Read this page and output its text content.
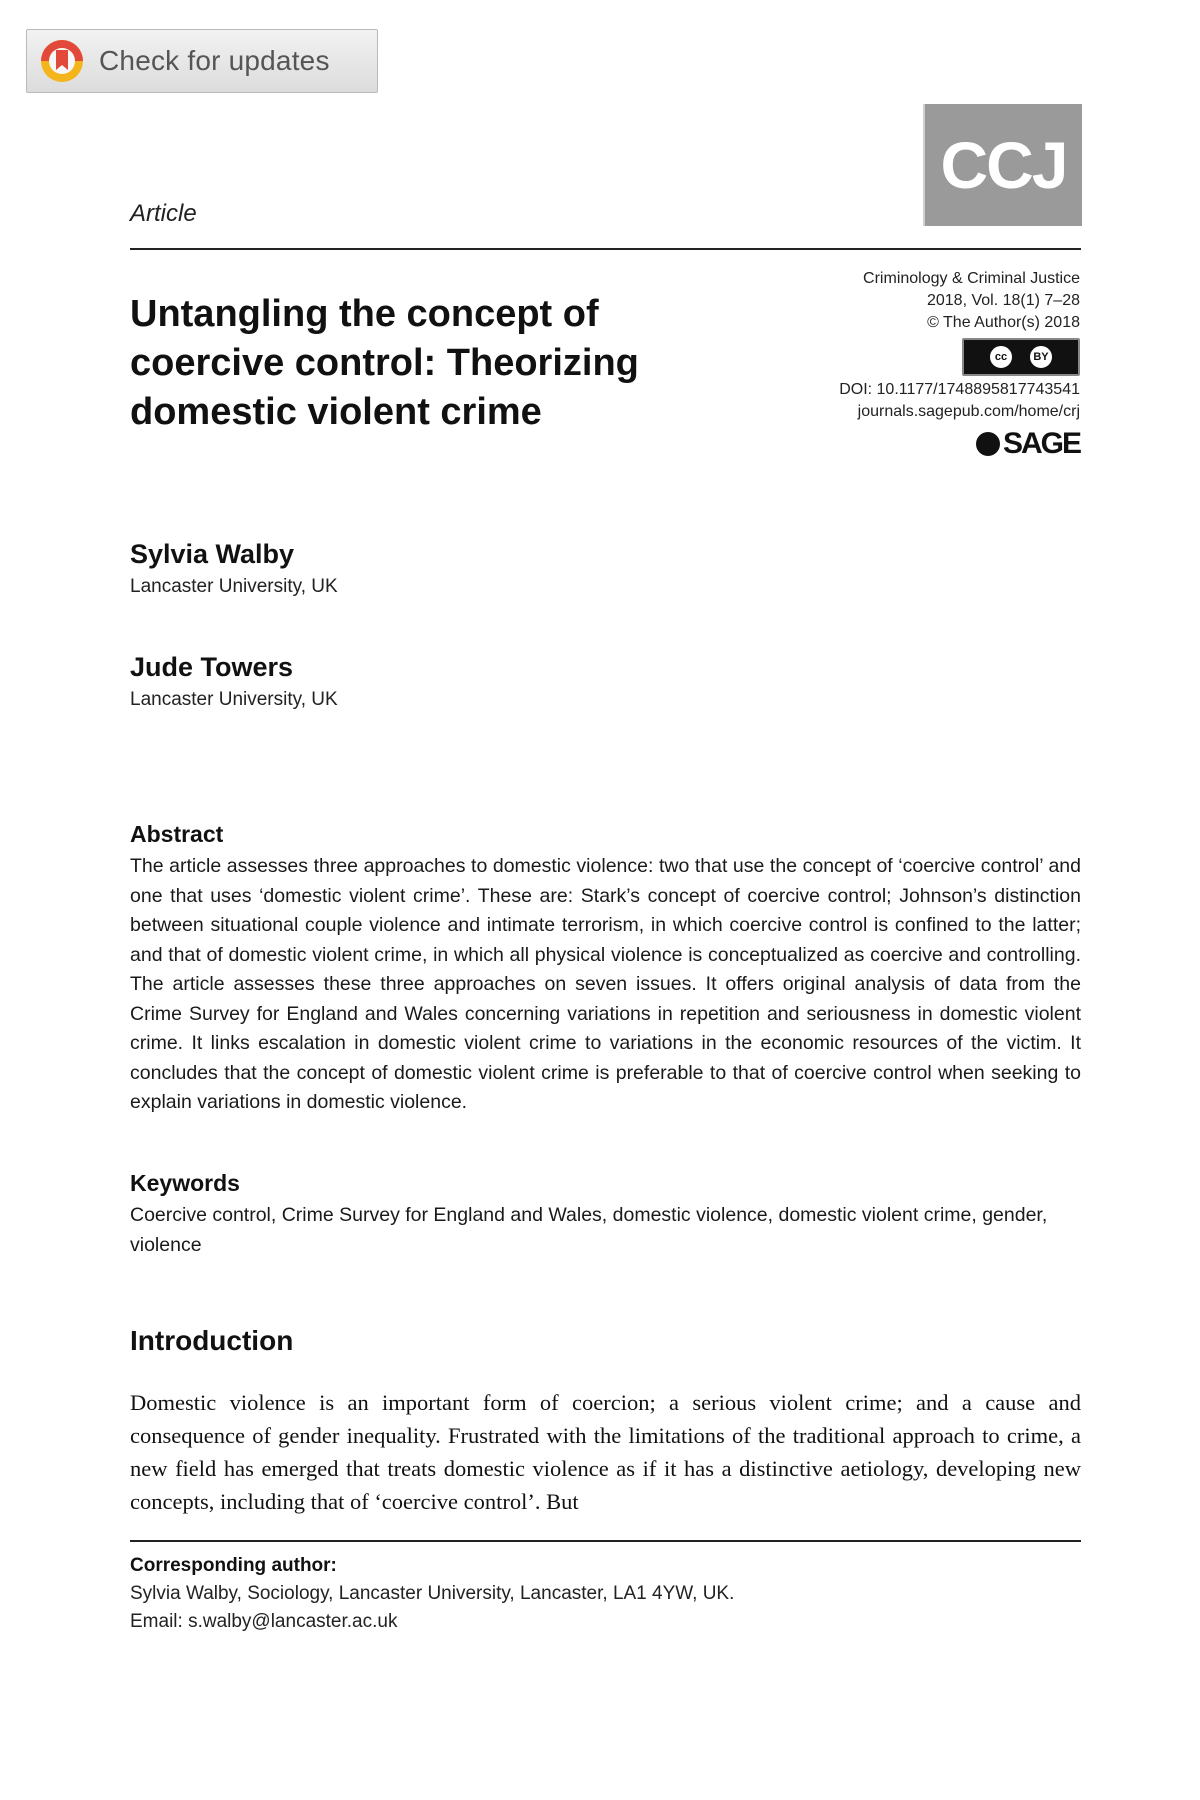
Check for updates
CCJ
Article
Untangling the concept of coercive control: Theorizing domestic violent crime
Criminology & Criminal Justice
2018, Vol. 18(1) 7–28
© The Author(s) 2018
cc	BY
DOI: 10.1177/1748895817743541
journals.sagepub.com/home/crj
SAGE
Sylvia Walby
Lancaster University, UK
Jude Towers
Lancaster University, UK
Abstract

The article assesses three approaches to domestic violence: two that use the concept of ‘coercive control’ and one that uses ‘domestic violent crime’. These are: Stark’s concept of coercive control; Johnson’s distinction between situational couple violence and intimate terrorism, in which coercive control is confined to the latter; and that of domestic violent crime, in which all physical violence is conceptualized as coercive and controlling. The article assesses these three approaches on seven issues. It offers original analysis of data from the Crime Survey for England and Wales concerning variations in repetition and seriousness in domestic violent crime. It links escalation in domestic violent crime to variations in the economic resources of the victim. It concludes that the concept of domestic violent crime is preferable to that of coercive control when seeking to explain variations in domestic violence.

Keywords

Coercive control, Crime Survey for England and Wales, domestic violence, domestic violent crime, gender, violence

Introduction

Domestic violence is an important form of coercion; a serious violent crime; and a cause and consequence of gender inequality. Frustrated with the limitations of the traditional approach to crime, a new field has emerged that treats domestic violence as if it has a distinctive aetiology, developing new concepts, including that of ‘coercive control’. But

Corresponding author:
Sylvia Walby, Sociology, Lancaster University, Lancaster, LA1 4YW, UK.
Email: s.walby@lancaster.ac.uk
